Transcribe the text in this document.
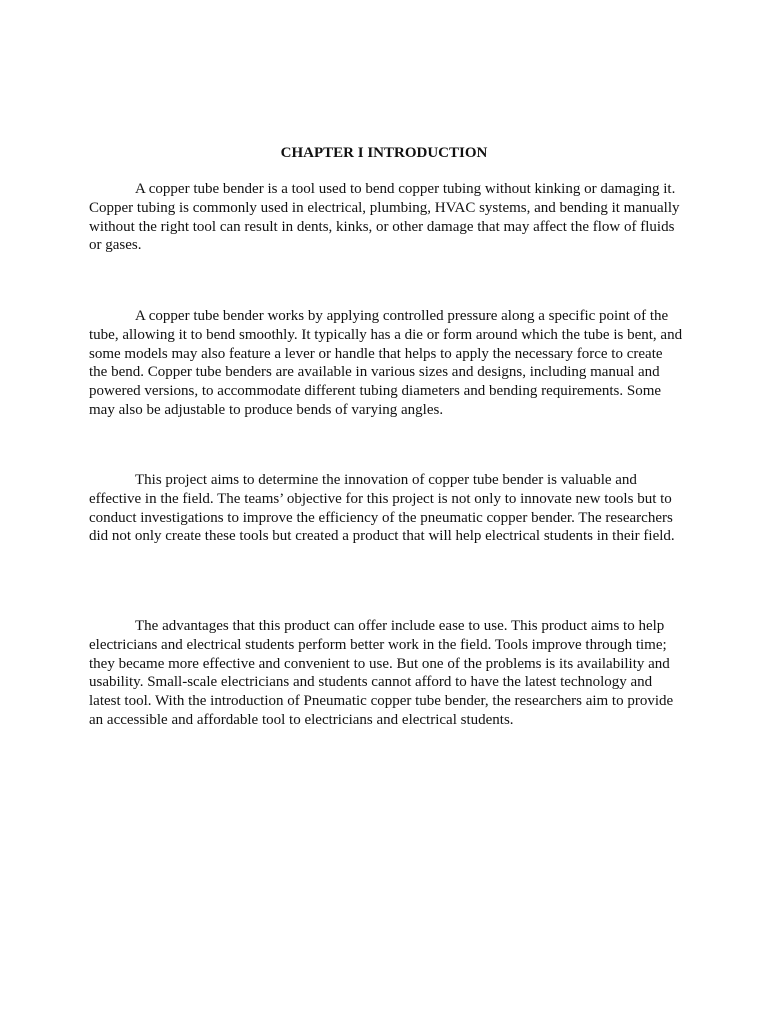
CHAPTER I INTRODUCTION

A copper tube bender is a tool used to bend copper tubing without kinking or damaging it. Copper tubing is commonly used in electrical, plumbing, HVAC systems, and bending it manually without the right tool can result in dents, kinks, or other damage that may affect the flow of fluids or gases.

A copper tube bender works by applying controlled pressure along a specific point of the tube, allowing it to bend smoothly. It typically has a die or form around which the tube is bent, and some models may also feature a lever or handle that helps to apply the necessary force to create the bend. Copper tube benders are available in various sizes and designs, including manual and powered versions, to accommodate different tubing diameters and bending requirements. Some may also be adjustable to produce bends of varying angles.

This project aims to determine the innovation of copper tube bender is valuable and effective in the field. The teams’ objective for this project is not only to innovate new tools but to conduct investigations to improve the efficiency of the pneumatic copper bender. The researchers did not only create these tools but created a product that will help electrical students in their field.

The advantages that this product can offer include ease to use. This product aims to help electricians and electrical students perform better work in the field. Tools improve through time; they became more effective and convenient to use. But one of the problems is its availability and usability. Small-scale electricians and students cannot afford to have the latest technology and latest tool. With the introduction of Pneumatic copper tube bender, the researchers aim to provide an accessible and affordable tool to electricians and electrical students.
